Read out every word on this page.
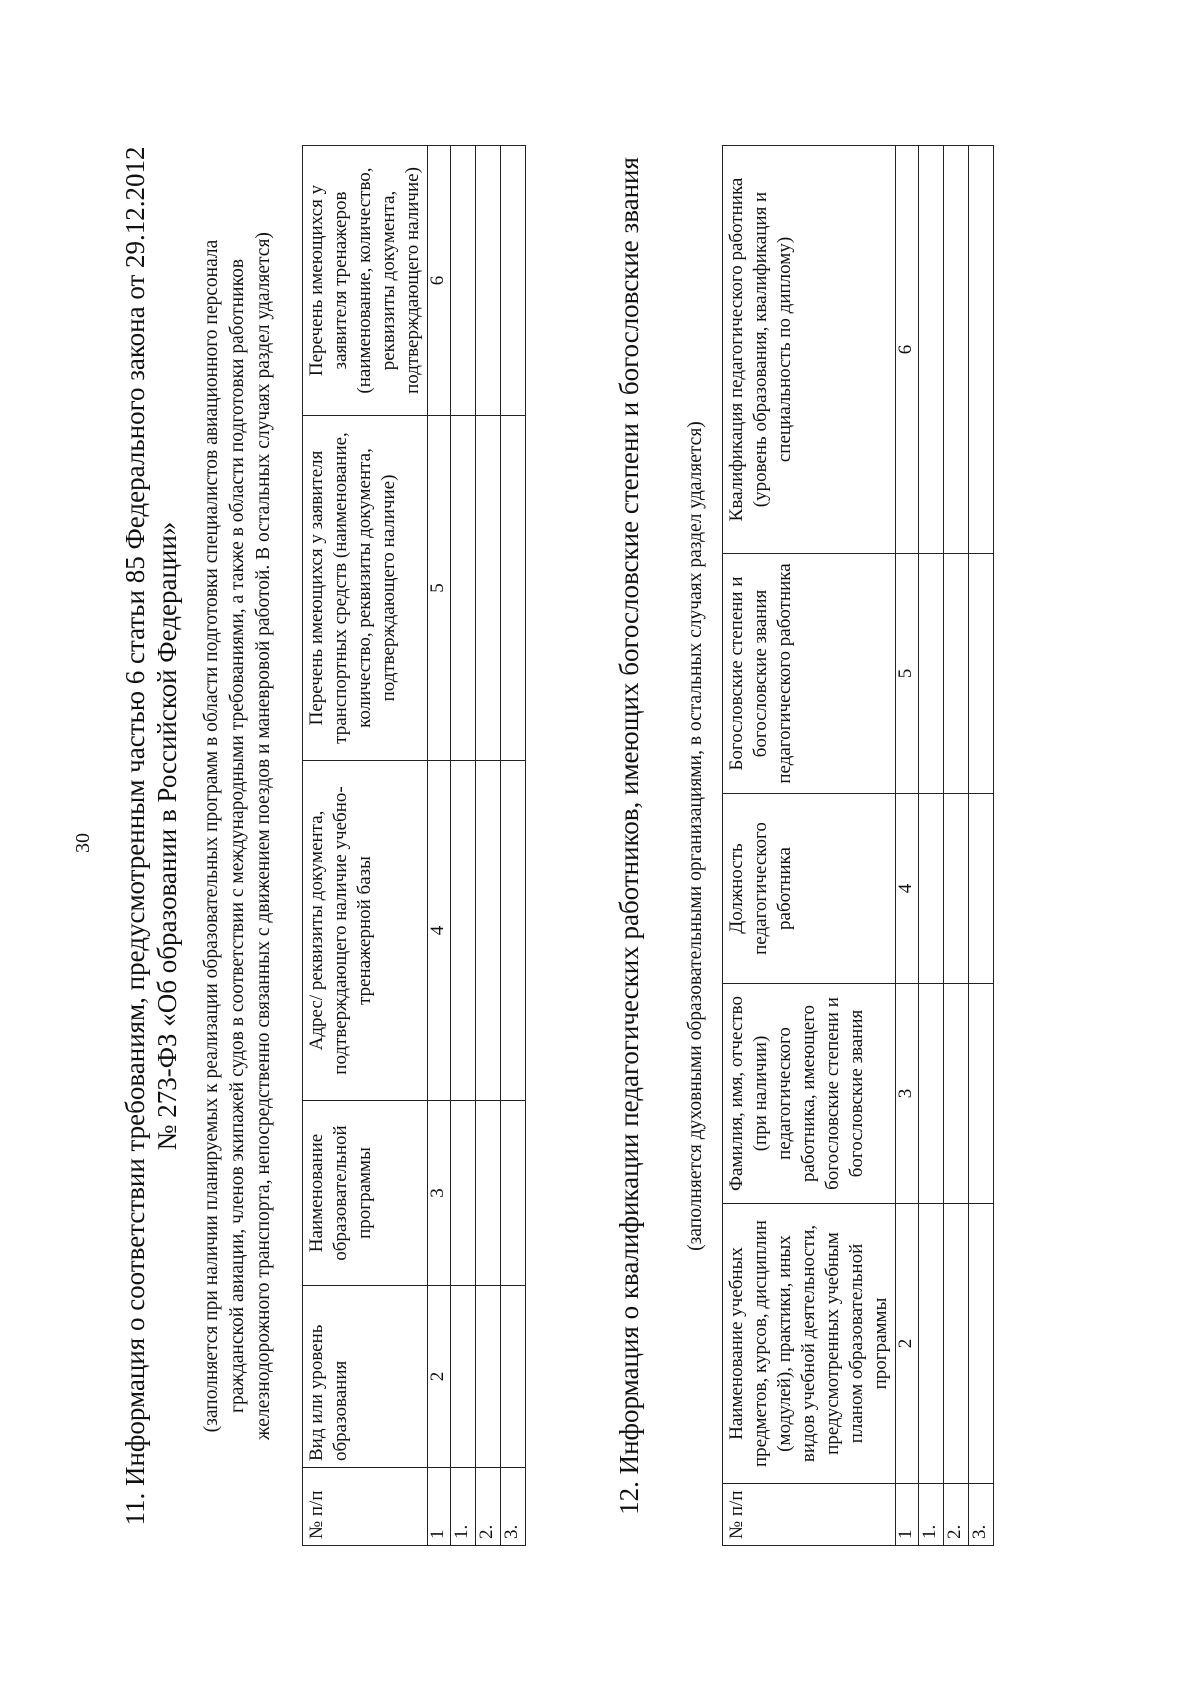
30 11. Информация о соответствии требованиям, предусмотренным частью 6 статьи 85 Федерального закона от 29.12.2012 № 273-ФЗ «Об образовании в Российской Федерации» (заполняется при наличии планируемых к реализации образовательных программ в области подготовки специалистов авиационного персонала гражданской авиации, членов экипажей судов в соответствии с международными требованиями, а также в области подготовки работников железнодорожного транспорта, непосредственно связанных с движением поездов и маневровой работой. В остальных случаях раздел удаляется)
№ п/п	Вид или уровень образования	Наименование образовательной программы	Адрес/ реквизиты документа, подтверждающего наличие учебно-тренажерной базы	Перечень имеющихся у заявителя транспортных средств (наименование, количество, реквизиты документа, подтверждающего наличие)	Перечень имеющихся у заявителя тренажеров (наименование, количество, реквизиты документа, подтверждающего наличие)
1	2	3	4	5	6
1.					
2.					
3.					
12. Информация о квалификации педагогических работников, имеющих богословские степени и богословские звания (заполняется духовными образовательными организациями, в остальных случаях раздел удаляется)
№ п/п	Наименование учебных предметов, курсов, дисциплин (модулей), практики, иных видов учебной деятельности, предусмотренных учебным планом образовательной программы	Фамилия, имя, отчество (при наличии) педагогического работника, имеющего богословские степени и богословские звания	Должность педагогического работника	Богословские степени и богословские звания педагогического работника	Квалификация педагогического работника (уровень образования, квалификация и специальность по диплому)
1	2	3	4	5	6
1.					
2.					
3.					
